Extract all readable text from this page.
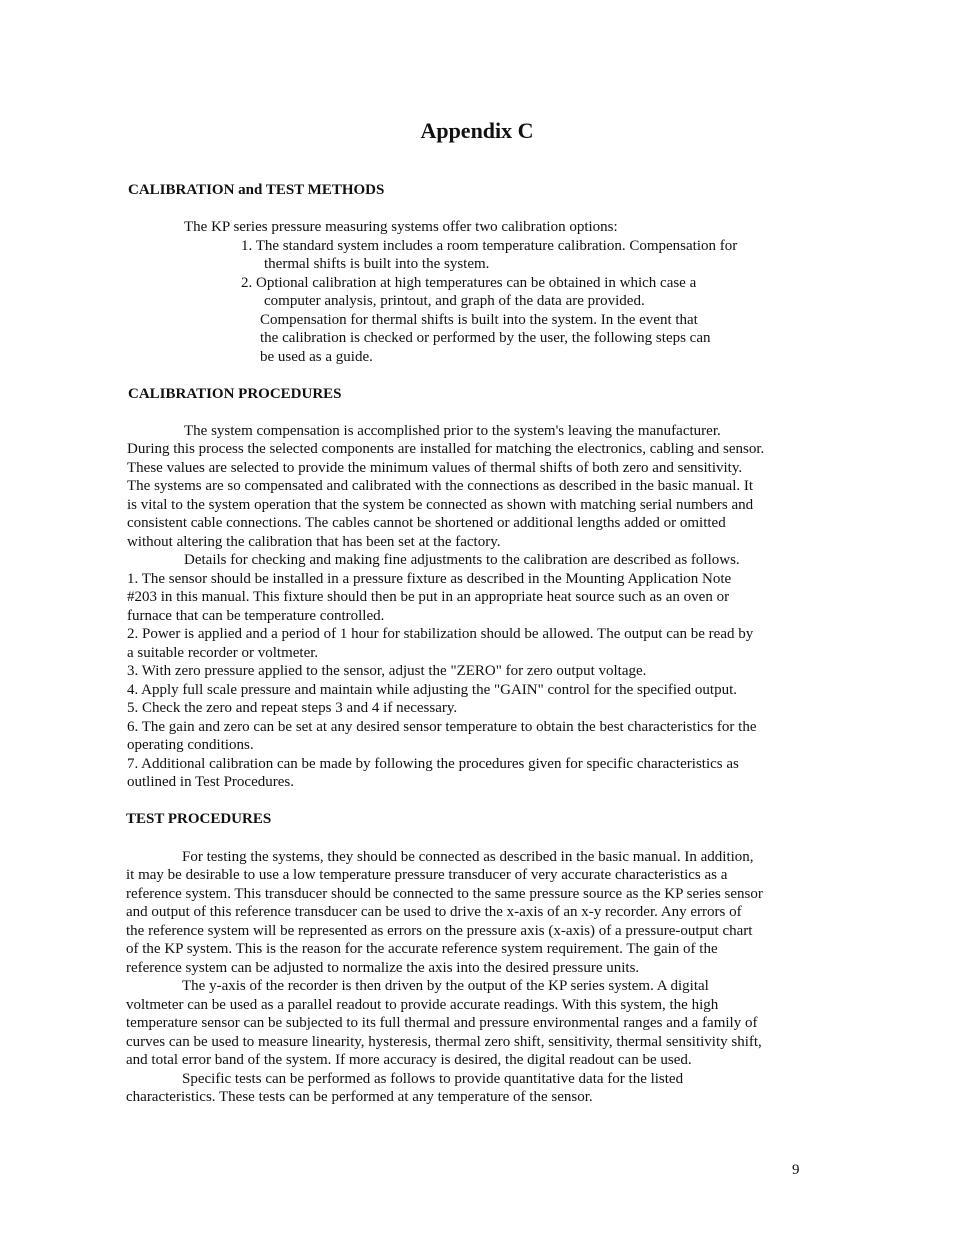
Appendix C
CALIBRATION and TEST METHODS

The KP series pressure measuring systems offer two calibration options:

1. The standard system includes a room temperature calibration. Compensation for

thermal shifts is built into the system.

2. Optional calibration at high temperatures can be obtained in which case a

computer analysis, printout, and graph of the data are provided.

Compensation for thermal shifts is built into the system. In the event that

the calibration is checked or performed by the user, the following steps can

be used as a guide.

CALIBRATION PROCEDURES

The system compensation is accomplished prior to the system's leaving the manufacturer.

During this process the selected components are installed for matching the electronics, cabling and sensor.

These values are selected to provide the minimum values of thermal shifts of both zero and sensitivity.

The systems are so compensated and calibrated with the connections as described in the basic manual. It

is vital to the system operation that the system be connected as shown with matching serial numbers and

consistent cable connections. The cables cannot be shortened or additional lengths added or omitted

without altering the calibration that has been set at the factory.

Details for checking and making fine adjustments to the calibration are described as follows.

1. The sensor should be installed in a pressure fixture as described in the Mounting Application Note

#203 in this manual. This fixture should then be put in an appropriate heat source such as an oven or

furnace that can be temperature controlled.

2. Power is applied and a period of 1 hour for stabilization should be allowed. The output can be read by

a suitable recorder or voltmeter.

3. With zero pressure applied to the sensor, adjust the "ZERO" for zero output voltage.

4. Apply full scale pressure and maintain while adjusting the "GAIN" control for the specified output.

5. Check the zero and repeat steps 3 and 4 if necessary.

6. The gain and zero can be set at any desired sensor temperature to obtain the best characteristics for the

operating conditions.

7. Additional calibration can be made by following the procedures given for specific characteristics as

outlined in Test Procedures.

TEST PROCEDURES

For testing the systems, they should be connected as described in the basic manual. In addition,

it may be desirable to use a low temperature pressure transducer of very accurate characteristics as a

reference system. This transducer should be connected to the same pressure source as the KP series sensor

and output of this reference transducer can be used to drive the x-axis of an x-y recorder. Any errors of

the reference system will be represented as errors on the pressure axis (x-axis) of a pressure-output chart

of the KP system. This is the reason for the accurate reference system requirement. The gain of the

reference system can be adjusted to normalize the axis into the desired pressure units.

The y-axis of the recorder is then driven by the output of the KP series system. A digital

voltmeter can be used as a parallel readout to provide accurate readings. With this system, the high

temperature sensor can be subjected to its full thermal and pressure environmental ranges and a family of

curves can be used to measure linearity, hysteresis, thermal zero shift, sensitivity, thermal sensitivity shift,

and total error band of the system. If more accuracy is desired, the digital readout can be used.

Specific tests can be performed as follows to provide quantitative data for the listed

characteristics. These tests can be performed at any temperature of the sensor.

9
